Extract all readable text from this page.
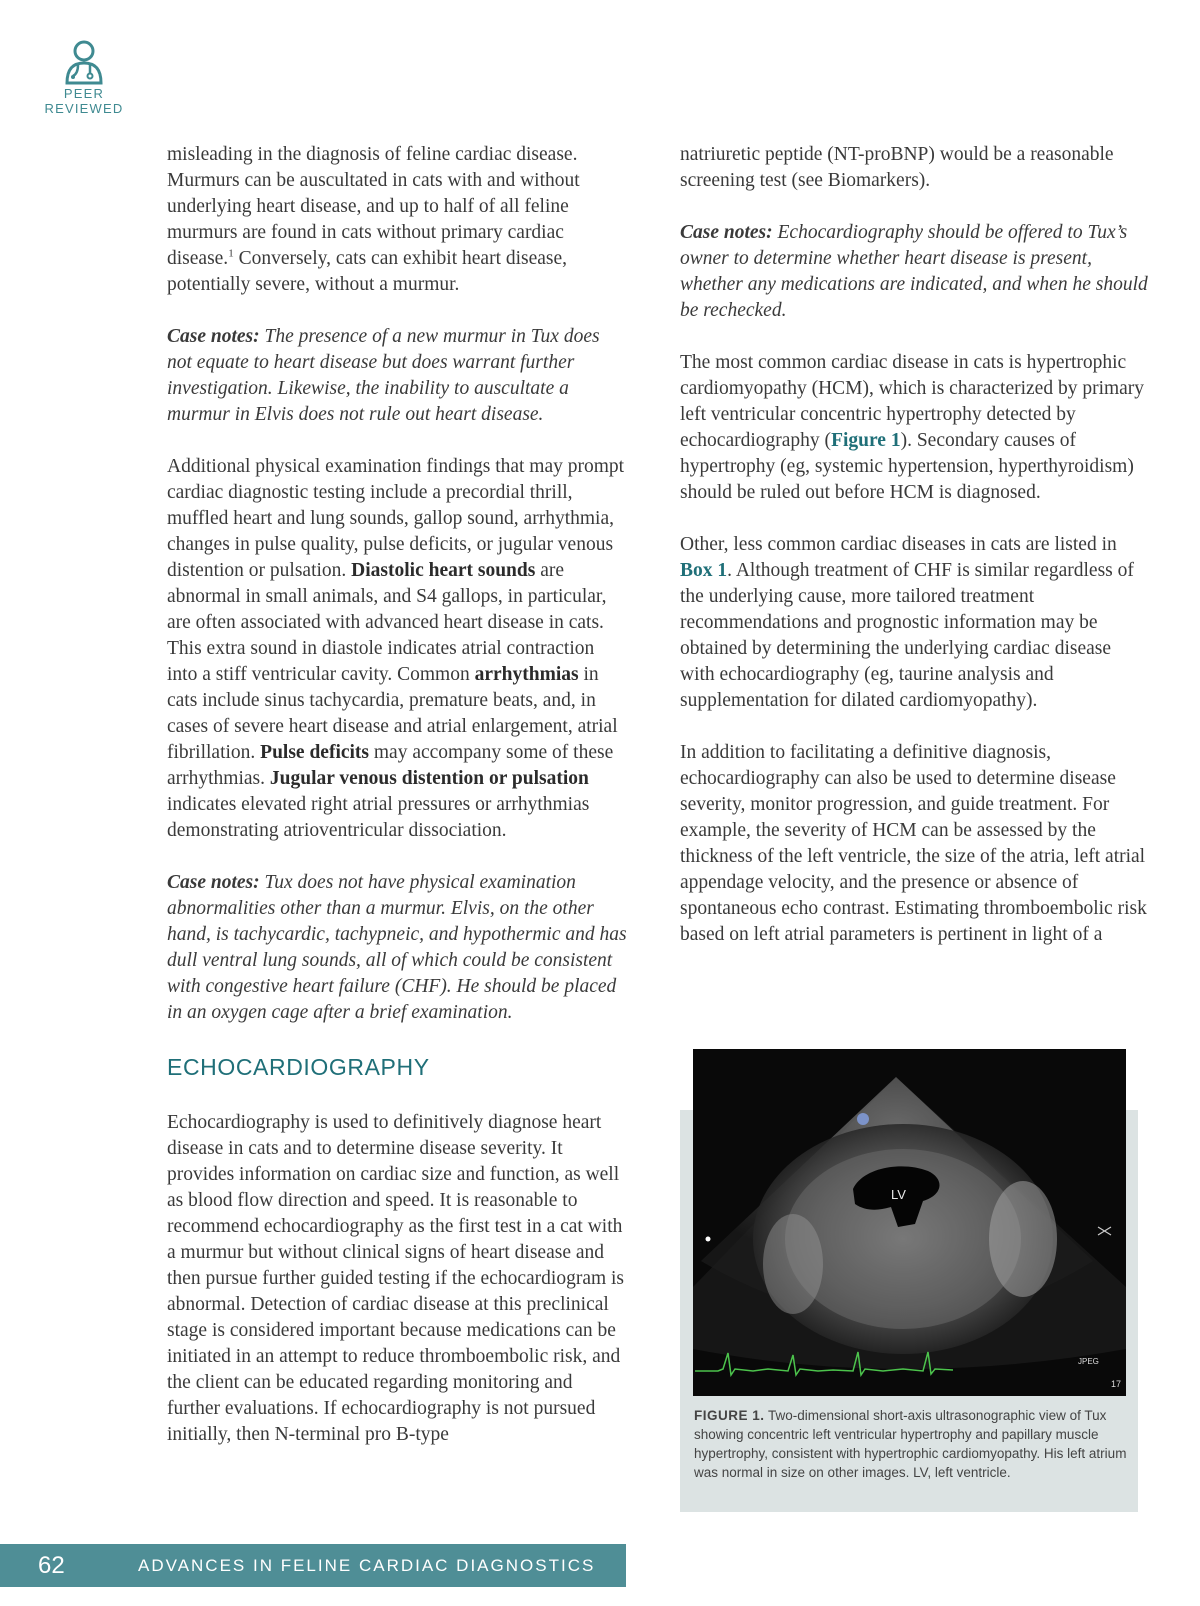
PEER
REVIEWED

misleading in the diagnosis of feline cardiac disease. Murmurs can be auscultated in cats with and without underlying heart disease, and up to half of all feline murmurs are found in cats without primary cardiac disease.$^1$ Conversely, cats can exhibit heart disease, potentially severe, without a murmur.

Case notes: The presence of a new murmur in Tux does not equate to heart disease but does warrant further investigation. Likewise, the inability to auscultate a murmur in Elvis does not rule out heart disease.

Additional physical examination findings that may prompt cardiac diagnostic testing include a precordial thrill, muffled heart and lung sounds, gallop sound, arrhythmia, changes in pulse quality, pulse deficits, or jugular venous distention or pulsation. Diastolic heart sounds are abnormal in small animals, and S4 gallops, in particular, are often associated with advanced heart disease in cats. This extra sound in diastole indicates atrial contraction into a stiff ventricular cavity. Common arrhythmias in cats include sinus tachycardia, premature beats, and, in cases of severe heart disease and atrial enlargement, atrial fibrillation. Pulse deficits may accompany some of these arrhythmias. Jugular venous distention or pulsation indicates elevated right atrial pressures or arrhythmias demonstrating atrioventricular dissociation.

Case notes: Tux does not have physical examination abnormalities other than a murmur. Elvis, on the other hand, is tachycardic, tachypneic, and hypothermic and has dull ventral lung sounds, all of which could be consistent with congestive heart failure (CHF). He should be placed in an oxygen cage after a brief examination.

ECHOCARDIOGRAPHY

Echocardiography is used to definitively diagnose heart disease in cats and to determine disease severity. It provides information on cardiac size and function, as well as blood flow direction and speed. It is reasonable to recommend echocardiography as the first test in a cat with a murmur but without clinical signs of heart disease and then pursue further guided testing if the echocardiogram is abnormal. Detection of cardiac disease at this preclinical stage is considered important because medications can be initiated in an attempt to reduce thromboembolic risk, and the client can be educated regarding monitoring and further evaluations. If echocardiography is not pursued initially, then N-terminal pro B-type

natriuretic peptide (NT-proBNP) would be a reasonable screening test (see Biomarkers).

Case notes: Echocardiography should be offered to Tux’s owner to determine whether heart disease is present, whether any medications are indicated, and when he should be rechecked.

The most common cardiac disease in cats is hypertrophic cardiomyopathy (HCM), which is characterized by primary left ventricular concentric hypertrophy detected by echocardiography (Figure 1). Secondary causes of hypertrophy (eg, systemic hypertension, hyperthyroidism) should be ruled out before HCM is diagnosed.

Other, less common cardiac diseases in cats are listed in Box 1. Although treatment of CHF is similar regardless of the underlying cause, more tailored treatment recommendations and prognostic information may be obtained by determining the underlying cardiac disease with echocardiography (eg, taurine analysis and supplementation for dilated cardiomyopathy).

In addition to facilitating a definitive diagnosis, echocardiography can also be used to determine disease severity, monitor progression, and guide treatment. For example, the severity of HCM can be assessed by the thickness of the left ventricle, the size of the atria, left atrial appendage velocity, and the presence or absence of spontaneous echo contrast. Estimating thromboembolic risk based on left atrial parameters is pertinent in light of a

LV
JPEG
17
FIGURE 1. Two-dimensional short-axis ultrasonographic view of Tux showing concentric left ventricular hypertrophy and papillary muscle hypertrophy, consistent with hypertrophic cardiomyopathy. His left atrium was normal in size on other images. LV, left ventricle.
62	ADVANCES IN FELINE CARDIAC DIAGNOSTICS
